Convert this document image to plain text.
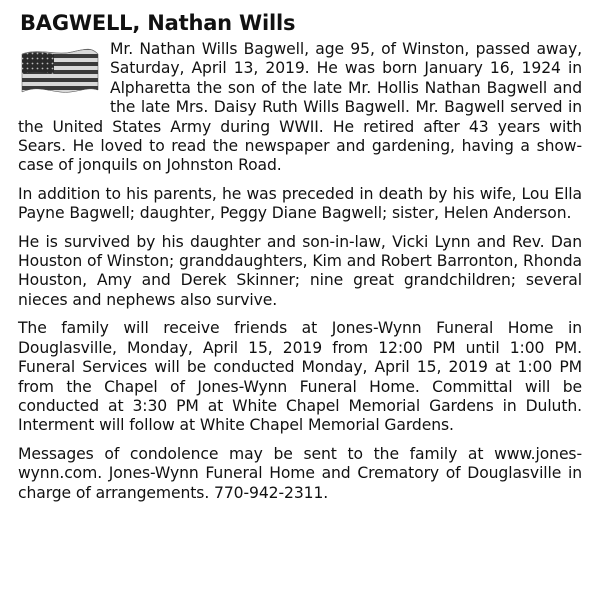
BAGWELL, Nathan Wills

Mr. Nathan Wills Bagwell, age 95, of Winston, passed away, Saturday, April 13, 2019. He was born January 16, 1924 in Alpharetta the son of the late Mr. Hollis Nathan Bagwell and the late Mrs. Daisy Ruth Wills Bagwell. Mr. Bagwell served in the United States Army during WWII. He retired after 43 years with Sears. He loved to read the newspaper and gardening, having a show-case of jonquils on Johnston Road.

In addition to his parents, he was preceded in death by his wife, Lou Ella Payne Bagwell; daughter, Peggy Diane Bagwell; sister, Helen Anderson.

He is survived by his daughter and son-in-law, Vicki Lynn and Rev. Dan Houston of Winston; granddaughters, Kim and Robert Barronton, Rhonda Houston, Amy and Derek Skinner; nine great grandchildren; several nieces and nephews also survive.

The family will receive friends at Jones-Wynn Funeral Home in Douglasville, Monday, April 15, 2019 from 12:00 PM until 1:00 PM. Funeral Services will be conducted Monday, April 15, 2019 at 1:00 PM from the Chapel of Jones-Wynn Funeral Home. Committal will be conducted at 3:30 PM at White Chapel Memorial Gardens in Duluth. Interment will follow at White Chapel Memorial Gardens.

Messages of condolence may be sent to the family at www.jones-wynn.com. Jones-Wynn Funeral Home and Crematory of Douglasville in charge of arrangements. 770-942-2311.
